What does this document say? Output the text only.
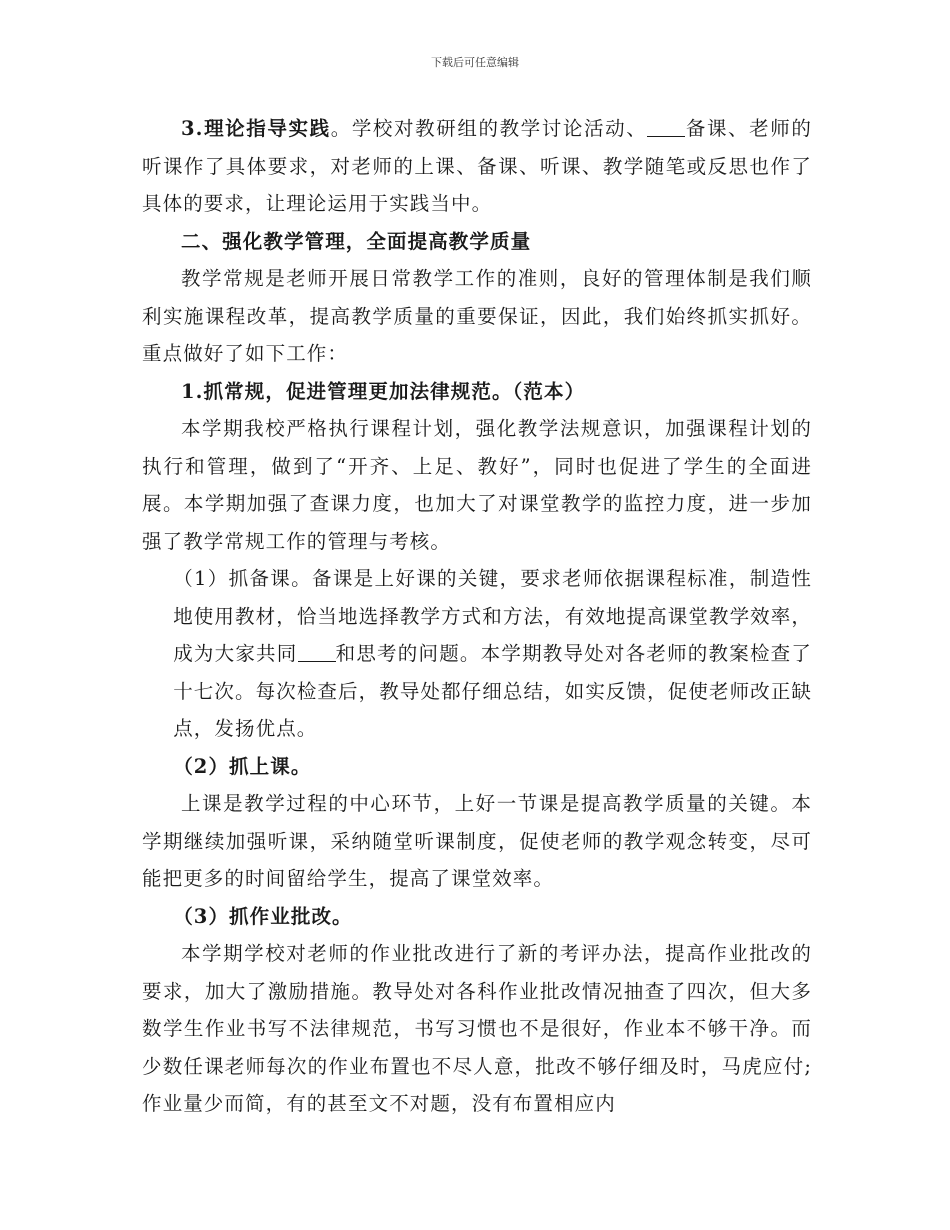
下载后可任意编辑

3.理论指导实践。学校对教研组的教学讨论活动、 备课、老师的听课作了具体要求，对老师的上课、备课、听课、教学随笔或反思也作了具体的要求，让理论运用于实践当中。

二、强化教学管理，全面提高教学质量

教学常规是老师开展日常教学工作的准则，良好的管理体制是我们顺利实施课程改革，提高教学质量的重要保证，因此，我们始终抓实抓好。重点做好了如下工作：

1.抓常规，促进管理更加法律规范。（范本）

本学期我校严格执行课程计划，强化教学法规意识，加强课程计划的执行和管理，做到了“开齐、上足、教好”，同时也促进了学生的全面进展。本学期加强了查课力度，也加大了对课堂教学的监控力度，进一步加强了教学常规工作的管理与考核。

（1）抓备课。备课是上好课的关键，要求老师依据课程标准，制造性地使用教材，恰当地选择教学方式和方法，有效地提高课堂教学效率，成为大家共同 和思考的问题。本学期教导处对各老师的教案检查了十七次。每次检查后，教导处都仔细总结，如实反馈，促使老师改正缺点，发扬优点。

（2）抓上课。

上课是教学过程的中心环节，上好一节课是提高教学质量的关键。本学期继续加强听课，采纳随堂听课制度，促使老师的教学观念转变，尽可能把更多的时间留给学生，提高了课堂效率。

（3）抓作业批改。

本学期学校对老师的作业批改进行了新的考评办法，提高作业批改的要求，加大了激励措施。教导处对各科作业批改情况抽查了四次，但大多数学生作业书写不法律规范，书写习惯也不是很好，作业本不够干净。而少数任课老师每次的作业布置也不尽人意，批改不够仔细及时，马虎应付;作业量少而简，有的甚至文不对题，没有布置相应内
